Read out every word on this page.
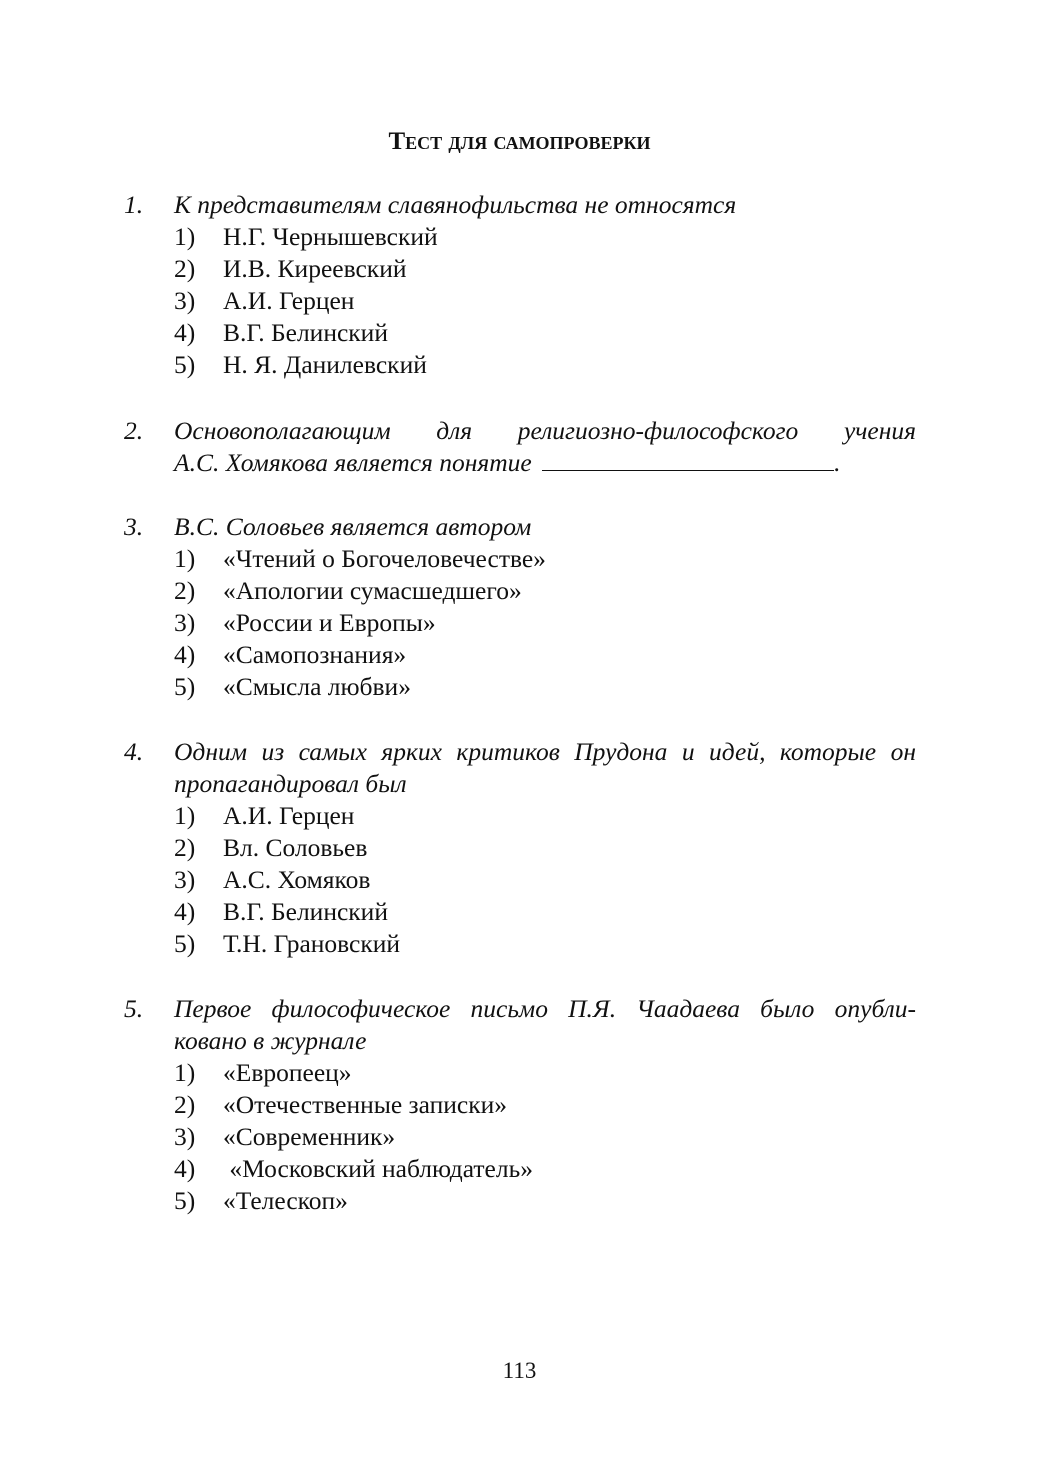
Тест для самопроверки
1.	К представителям славянофильства не относятся
1)	Н.Г. Чернышевский
2)	И.В. Киреевский
3)	А.И. Герцен
4)	В.Г. Белинский
5)	Н. Я. Данилевский
2.	Основополагающим для религиозно-философского учения
А.С. Хомякова является понятие	.
3.	В.С. Соловьев является автором
1)	«Чтений о Богочеловечестве»
2)	«Апологии сумасшедшего»
3)	«России и Европы»
4)	«Самопознания»
5)	«Смысла любви»
4.	Одним из самых ярких критиков Прудона и идей, которые он
пропагандировал был
1)	А.И. Герцен
2)	Вл. Соловьев
3)	А.С. Хомяков
4)	В.Г. Белинский
5)	Т.Н. Грановский
5.	Первое философическое письмо П.Я. Чаадаева было опубли-
ковано в журнале
1)	«Европеец»
2)	«Отечественные записки»
3)	«Современник»
4)	«Московский наблюдатель»
5)	«Телескоп»
113
